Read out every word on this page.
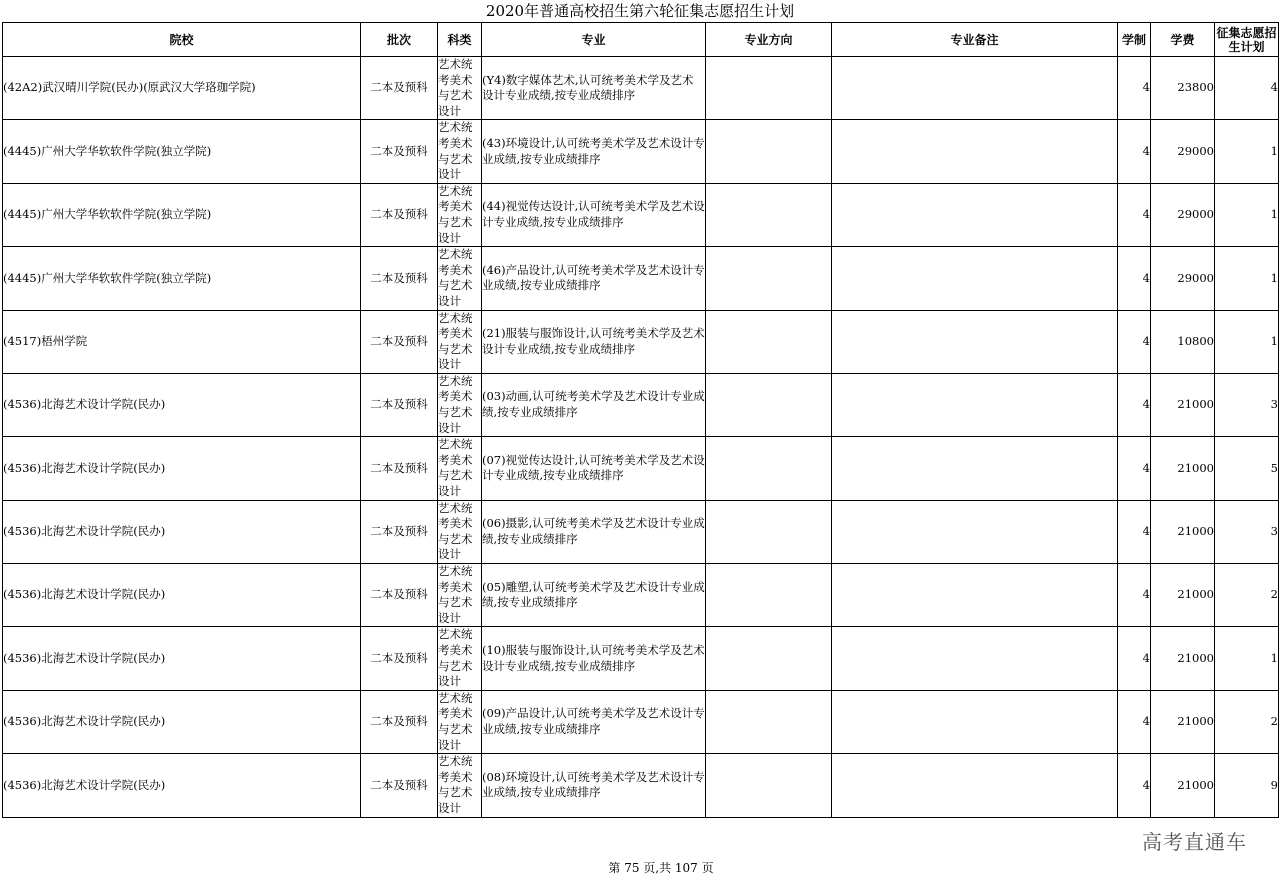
2020年普通高校招生第六轮征集志愿招生计划
院校	批次	科类	专业	专业方向	专业备注	学制	学费	征集志愿招生计划
(42A2)武汉晴川学院(民办)(原武汉大学珞珈学院)	二本及预科	艺术统考美术与艺术设计	(Y4)数字媒体艺术,认可统考美术学及艺术设计专业成绩,按专业成绩排序			4	23800	4
(4445)广州大学华软软件学院(独立学院)	二本及预科	艺术统考美术与艺术设计	(43)环境设计,认可统考美术学及艺术设计专业成绩,按专业成绩排序			4	29000	1
(4445)广州大学华软软件学院(独立学院)	二本及预科	艺术统考美术与艺术设计	(44)视觉传达设计,认可统考美术学及艺术设计专业成绩,按专业成绩排序			4	29000	1
(4445)广州大学华软软件学院(独立学院)	二本及预科	艺术统考美术与艺术设计	(46)产品设计,认可统考美术学及艺术设计专业成绩,按专业成绩排序			4	29000	1
(4517)梧州学院	二本及预科	艺术统考美术与艺术设计	(21)服装与服饰设计,认可统考美术学及艺术设计专业成绩,按专业成绩排序			4	10800	1
(4536)北海艺术设计学院(民办)	二本及预科	艺术统考美术与艺术设计	(03)动画,认可统考美术学及艺术设计专业成绩,按专业成绩排序			4	21000	3
(4536)北海艺术设计学院(民办)	二本及预科	艺术统考美术与艺术设计	(07)视觉传达设计,认可统考美术学及艺术设计专业成绩,按专业成绩排序			4	21000	5
(4536)北海艺术设计学院(民办)	二本及预科	艺术统考美术与艺术设计	(06)摄影,认可统考美术学及艺术设计专业成绩,按专业成绩排序			4	21000	3
(4536)北海艺术设计学院(民办)	二本及预科	艺术统考美术与艺术设计	(05)雕塑,认可统考美术学及艺术设计专业成绩,按专业成绩排序			4	21000	2
(4536)北海艺术设计学院(民办)	二本及预科	艺术统考美术与艺术设计	(10)服装与服饰设计,认可统考美术学及艺术设计专业成绩,按专业成绩排序			4	21000	1
(4536)北海艺术设计学院(民办)	二本及预科	艺术统考美术与艺术设计	(09)产品设计,认可统考美术学及艺术设计专业成绩,按专业成绩排序			4	21000	2
(4536)北海艺术设计学院(民办)	二本及预科	艺术统考美术与艺术设计	(08)环境设计,认可统考美术学及艺术设计专业成绩,按专业成绩排序			4	21000	9
高考直通车
第 75 页,共 107 页
